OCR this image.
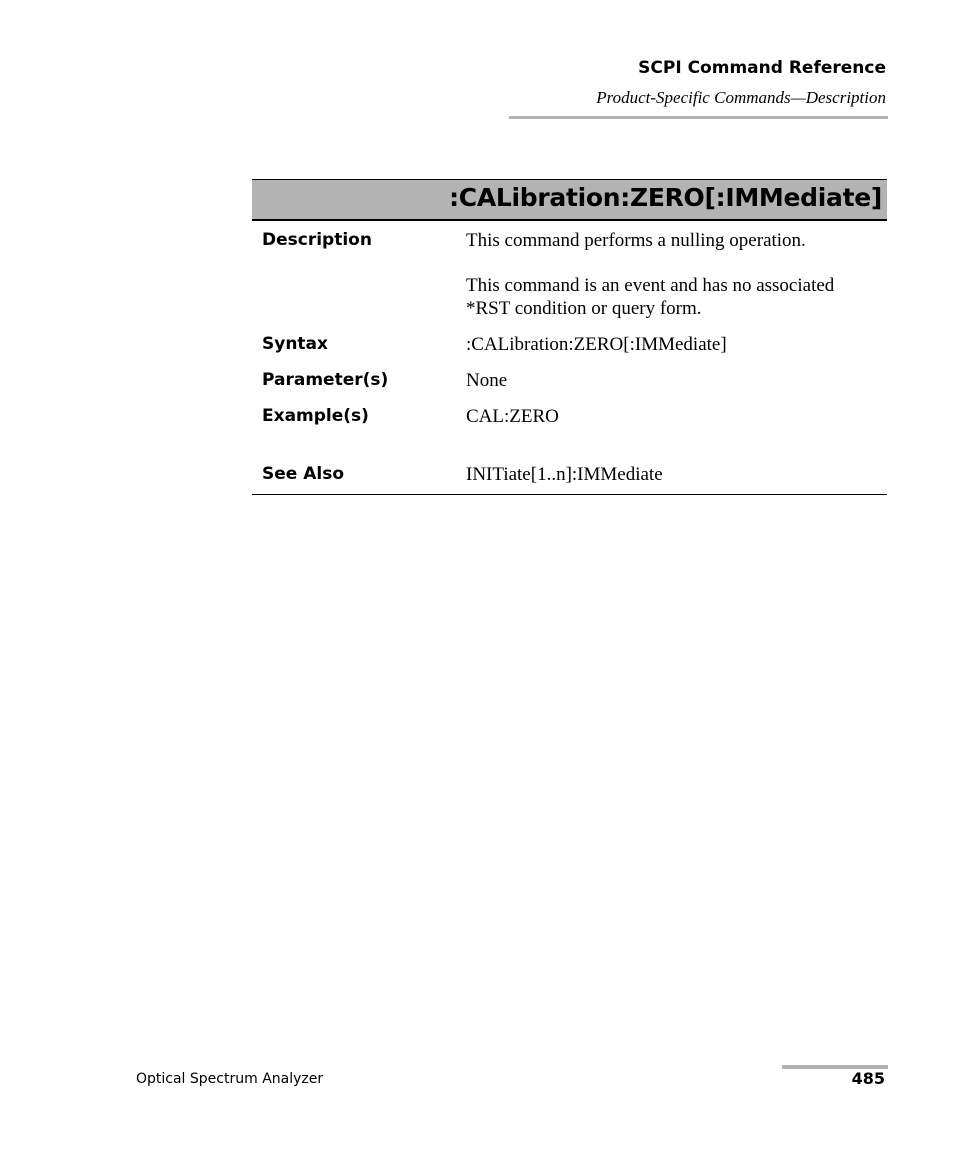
SCPI Command Reference
Product-Specific Commands—Description
:CALibration:ZERO[:IMMediate]
Description	This command performs a nulling operation.
This command is an event and has no associated
*RST condition or query form.
Syntax	:CALibration:ZERO[:IMMediate]
Parameter(s)	None
Example(s)	CAL:ZERO
See Also	INITiate[1..n]:IMMediate
Optical Spectrum Analyzer	485
